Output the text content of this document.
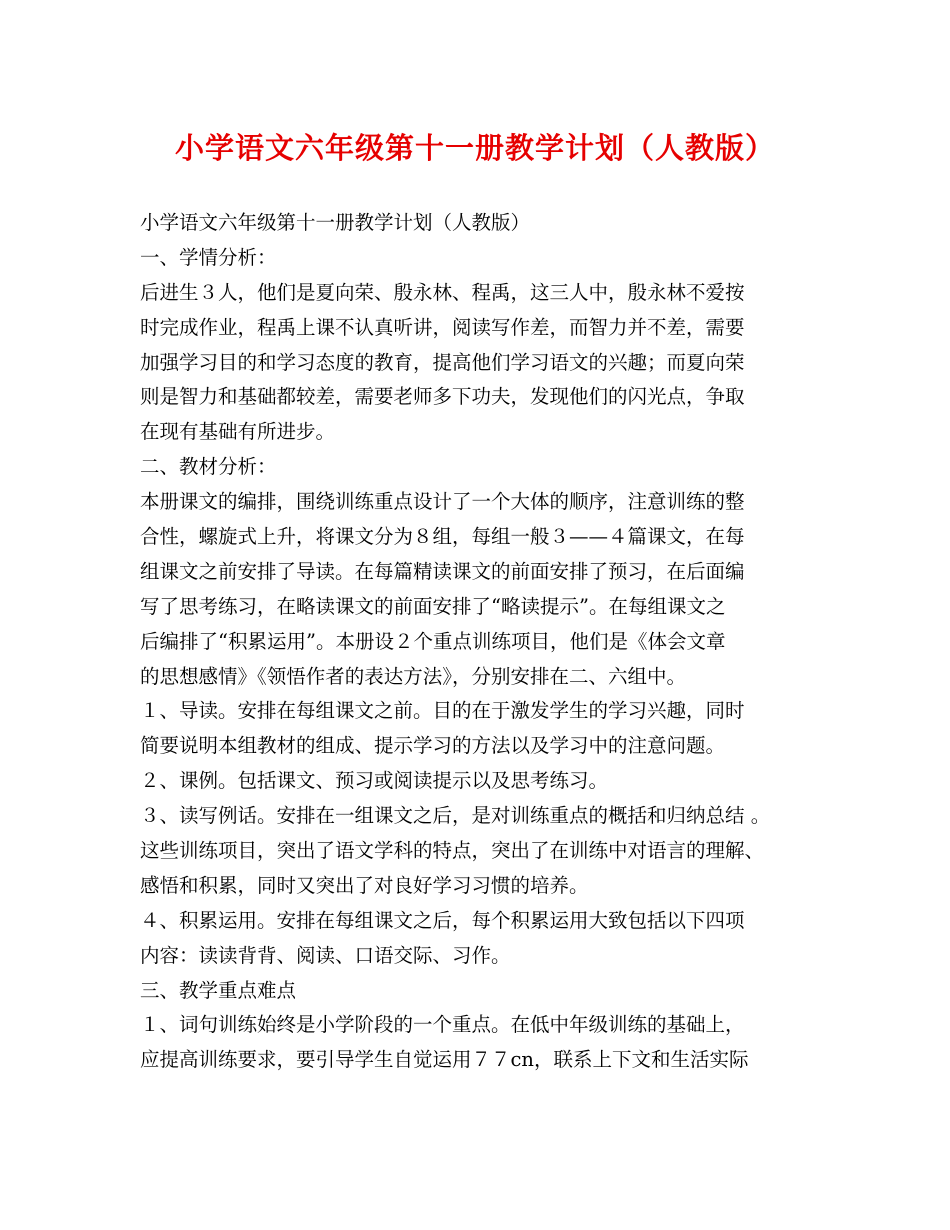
小学语文六年级第十一册教学计划（人教版）
小学语文六年级第十一册教学计划（人教版）
一、学情分析：
后进生３人，他们是夏向荣、殷永林、程禹，这三人中，殷永林不爱按
时完成作业，程禹上课不认真听讲，阅读写作差，而智力并不差，需要
加强学习目的和学习态度的教育，提高他们学习语文的兴趣；而夏向荣
则是智力和基础都较差，需要老师多下功夫，发现他们的闪光点，争取
在现有基础有所进步。
二、教材分析：
本册课文的编排，围绕训练重点设计了一个大体的顺序，注意训练的整
合性，螺旋式上升，将课文分为８组，每组一般３——４篇课文，在每
组课文之前安排了导读。在每篇精读课文的前面安排了预习，在后面编
写了思考练习，在略读课文的前面安排了“略读提示”。在每组课文之
后编排了“积累运用”。本册设２个重点训练项目，他们是《体会文章
的思想感情》《领悟作者的表达方法》，分别安排在二、六组中。
１、导读。安排在每组课文之前。目的在于激发学生的学习兴趣，同时
简要说明本组教材的组成、提示学习的方法以及学习中的注意问题。
２、课例。包括课文、预习或阅读提示以及思考练习。
３、读写例话。安排在一组课文之后，是对训练重点的概括和归纳总结 。
这些训练项目，突出了语文学科的特点，突出了在训练中对语言的理解、
感悟和积累，同时又突出了对良好学习习惯的培养。
４、积累运用。安排在每组课文之后，每个积累运用大致包括以下四项
内容：读读背背、阅读、口语交际、习作。
三、教学重点难点
１、词句训练始终是小学阶段的一个重点。在低中年级训练的基础上，
应提高训练要求，要引导学生自觉运用７７cn，联系上下文和生活实际
